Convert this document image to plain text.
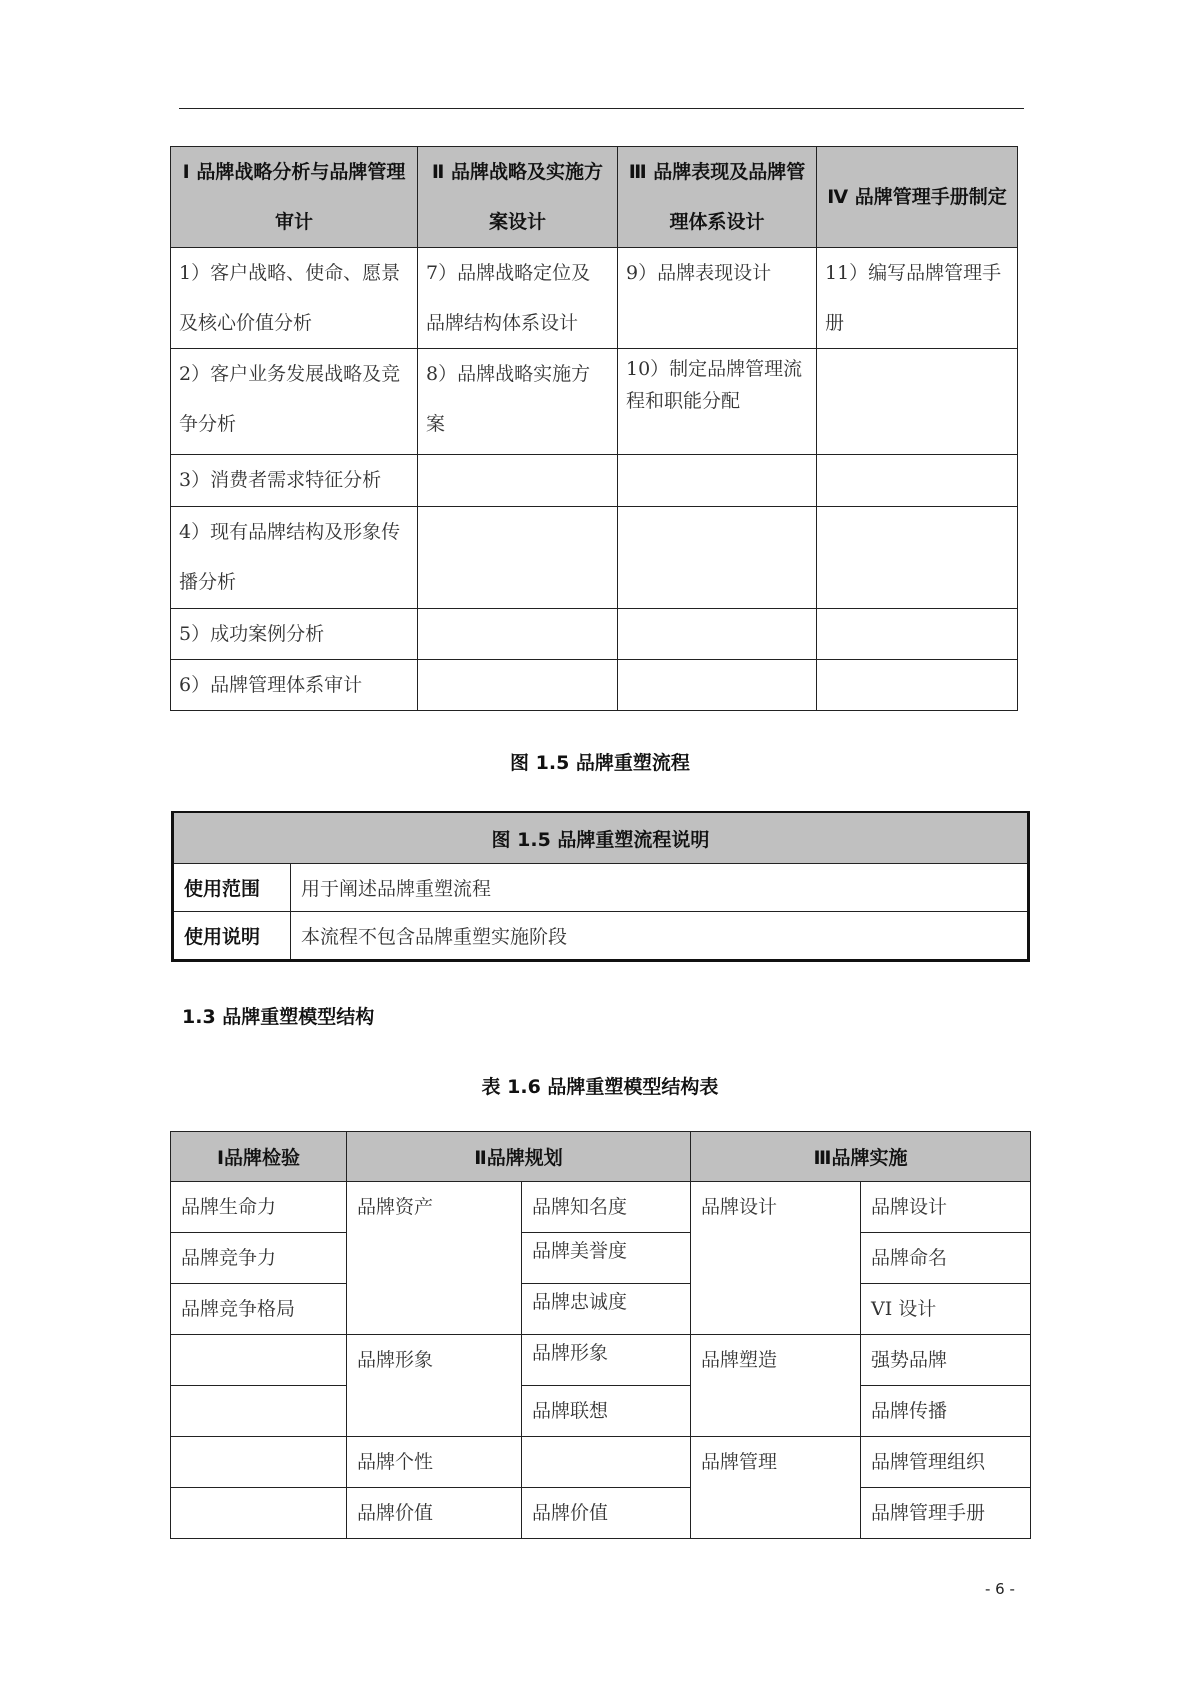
Ⅰ 品牌战略分析与品牌管理审计	Ⅱ 品牌战略及实施方案设计	Ⅲ 品牌表现及品牌管理体系设计	Ⅳ 品牌管理手册制定
1）客户战略、使命、愿景及核心价值分析	7）品牌战略定位及品牌结构体系设计	9）品牌表现设计	11）编写品牌管理手册
2）客户业务发展战略及竞争分析	8）品牌战略实施方案	10）制定品牌管理流程和职能分配	
3）消费者需求特征分析			
4）现有品牌结构及形象传播分析			
5）成功案例分析			
6）品牌管理体系审计			
图 1.5 品牌重塑流程
图 1.5 品牌重塑流程说明	
使用范围	用于阐述品牌重塑流程
使用说明	本流程不包含品牌重塑实施阶段
1.3 品牌重塑模型结构
表 1.6 品牌重塑模型结构表
Ⅰ品牌检验	Ⅱ品牌规划		Ⅲ品牌实施	
品牌生命力	品牌资产	品牌知名度	品牌设计	品牌设计
品牌竞争力		品牌美誉度		品牌命名
品牌竞争格局		品牌忠诚度		VI 设计
	品牌形象	品牌形象	品牌塑造	强势品牌
		品牌联想		品牌传播
	品牌个性		品牌管理	品牌管理组织
	品牌价值	品牌价值		品牌管理手册
- 6 -
